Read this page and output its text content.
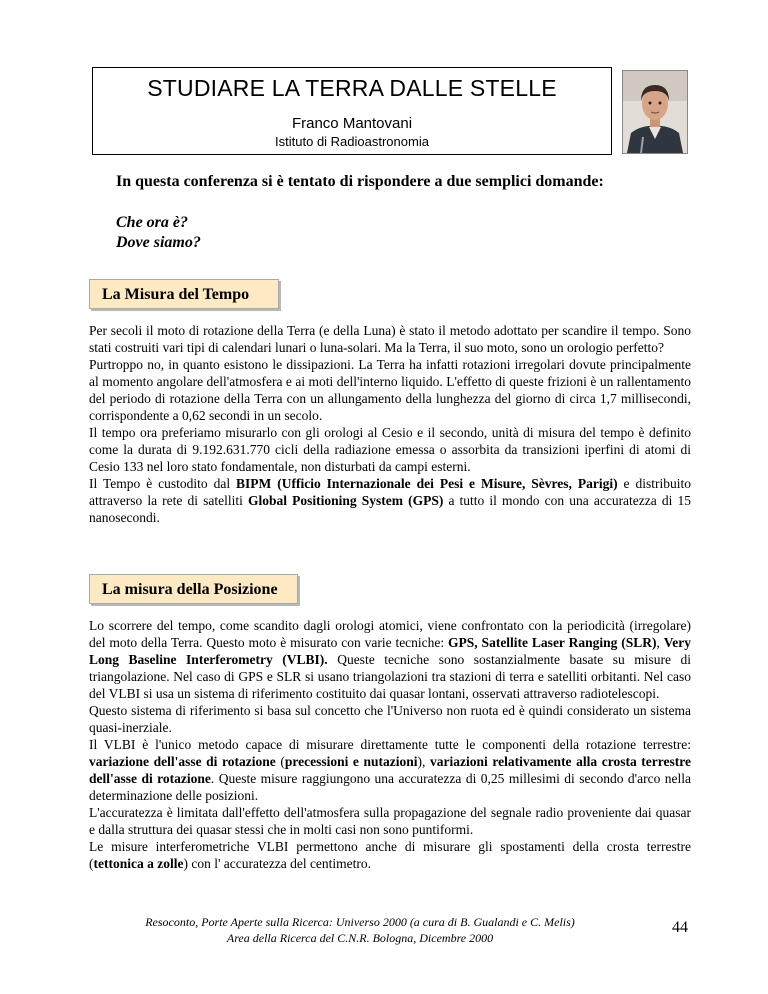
STUDIARE LA TERRA DALLE STELLE
Franco Mantovani
Istituto di Radioastronomia
In questa conferenza si è tentato di rispondere a due semplici domande:
Che ora è?
Dove siamo?
La Misura del Tempo

Per secoli il moto di rotazione della Terra (e della Luna) è stato il metodo adottato per scandire il tempo. Sono stati costruiti vari tipi di calendari lunari o luna-solari. Ma la Terra, il suo moto, sono un orologio perfetto?

Purtroppo no, in quanto esistono le dissipazioni. La Terra ha infatti rotazioni irregolari dovute principalmente al momento angolare dell'atmosfera e ai moti dell'interno liquido. L'effetto di queste frizioni è un rallentamento del periodo di rotazione della Terra con un allungamento della lunghezza del giorno di circa 1,7 millisecondi, corrispondente a 0,62 secondi in un secolo.

Il tempo ora preferiamo misurarlo con gli orologi al Cesio e il secondo, unità di misura del tempo è definito come la durata di 9.192.631.770 cicli della radiazione emessa o assorbita da transizioni iperfini di atomi di Cesio 133 nel loro stato fondamentale, non disturbati da campi esterni.

Il Tempo è custodito dal BIPM (Ufficio Internazionale dei Pesi e Misure, Sèvres, Parigi) e distribuito attraverso la rete di satelliti Global Positioning System (GPS) a tutto il mondo con una accuratezza di 15 nanosecondi.

La misura della Posizione

Lo scorrere del tempo, come scandito dagli orologi atomici, viene confrontato con la periodicità (irregolare) del moto della Terra. Questo moto è misurato con varie tecniche: GPS, Satellite Laser Ranging (SLR), Very Long Baseline Interferometry (VLBI). Queste tecniche sono sostanzialmente basate su misure di triangolazione. Nel caso di GPS e SLR si usano triangolazioni tra stazioni di terra e satelliti orbitanti. Nel caso del VLBI si usa un sistema di riferimento costituito dai quasar lontani, osservati attraverso radiotelescopi.

Questo sistema di riferimento si basa sul concetto che l'Universo non ruota ed è quindi considerato un sistema quasi-inerziale.

Il VLBI è l'unico metodo capace di misurare direttamente tutte le componenti della rotazione terrestre: variazione dell'asse di rotazione (precessioni e nutazioni), variazioni relativamente alla crosta terrestre dell'asse di rotazione. Queste misure raggiungono una accuratezza di 0,25 millesimi di secondo d'arco nella determinazione delle posizioni.

L'accuratezza è limitata dall'effetto dell'atmosfera sulla propagazione del segnale radio proveniente dai quasar e dalla struttura dei quasar stessi che in molti casi non sono puntiformi.

Le misure interferometriche VLBI permettono anche di misurare gli spostamenti della crosta terrestre (tettonica a zolle) con l' accuratezza del centimetro.

Resoconto, Porte Aperte sulla Ricerca: Universo 2000 (a cura di B. Gualandi e C. Melis)
Area della Ricerca del C.N.R. Bologna, Dicembre 2000
44
